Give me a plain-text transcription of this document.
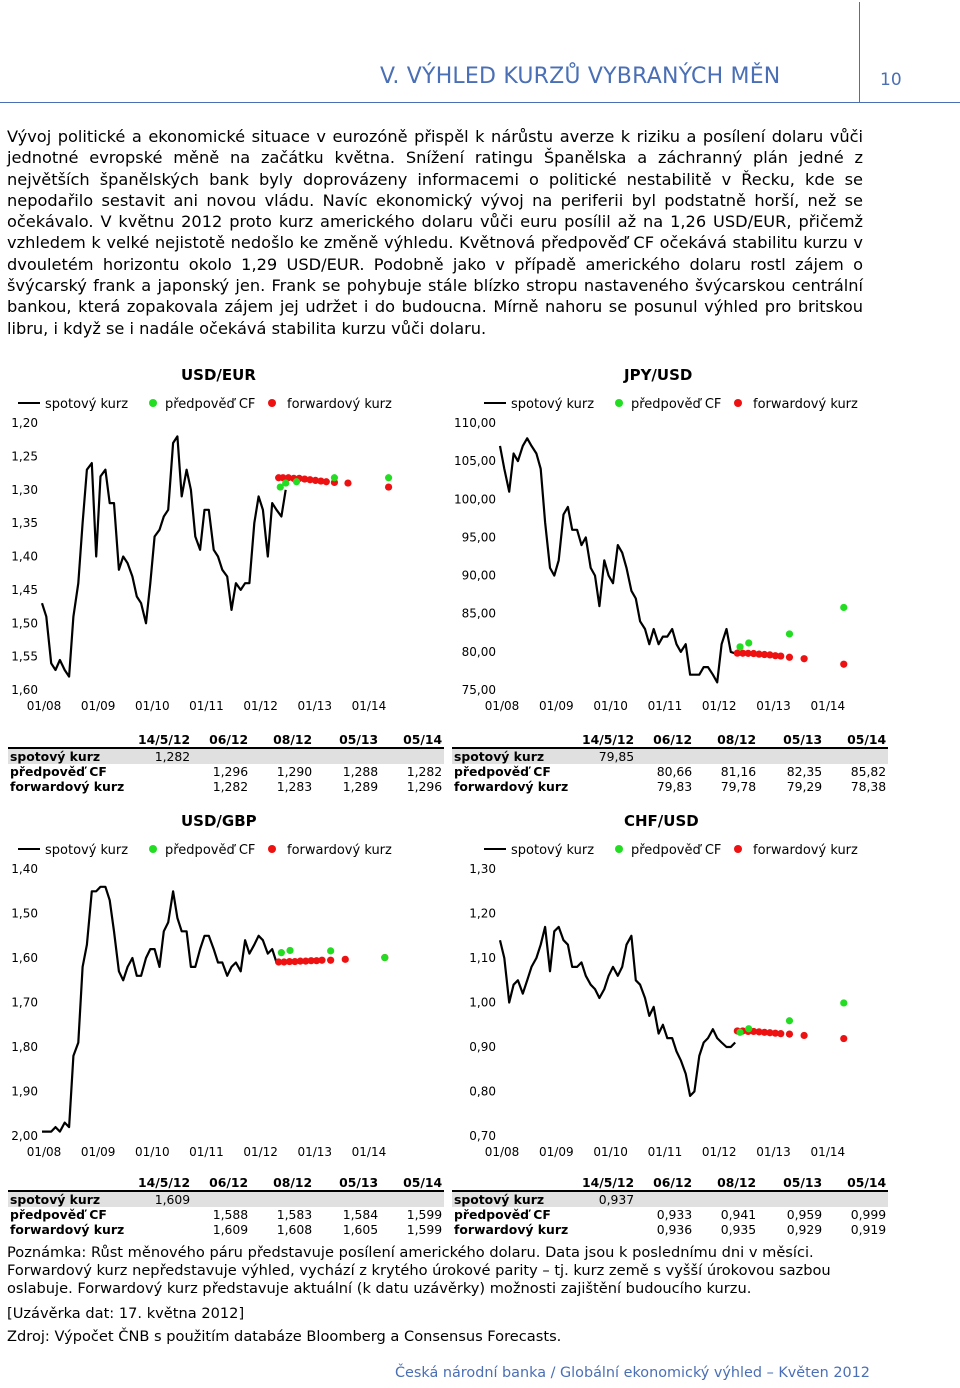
V. VÝHLED KURZŮ VYBRANÝCH MĚN	10
Vývoj politické a ekonomické situace v eurozóně přispěl k nárůstu averze k riziku a posílení dolaru vůči jednotné evropské měně na začátku května. Snížení ratingu Španělska a záchranný plán jedné z největších španělských bank byly doprovázeny informacemi o politické nestabilitě v Řecku, kde se nepodařilo sestavit ani novou vládu. Navíc ekonomický vývoj na periferii byl podstatně horší, než se očekávalo. V květnu 2012 proto kurz amerického dolaru vůči euru posílil až na 1,26 USD/EUR, přičemž vzhledem k velké nejistotě nedošlo ke změně výhledu. Květnová předpověď CF očekává stabilitu kurzu v dvouletém horizontu okolo 1,29 USD/EUR. Podobně jako v případě amerického dolaru rostl zájem o švýcarský frank a japonský jen. Frank se pohybuje stále blízko stropu nastaveného švýcarskou centrální bankou, která zopakovala zájem jej udržet i do budoucna. Mírně nahoru se posunul výhled pro britskou libru, i když se i nadále očekává stabilita kurzu vůči dolaru.
USD/EUR
spotový kurz	předpověď CF forwardový kurz
1,20
1,25
1,30
1,35
1,40
1,45
1,50
1,55
1,60
01/08 01/09 01/10 01/11 01/12 01/13 01/14
JPY/USD
spotový kurz	předpověď CF forwardový kurz
110,00
105,00
100,00
95,00
90,00
85,00
80,00
75,00
01/08 01/09 01/10 01/11 01/12 01/13 01/14
USD/GBP
spotový kurz	předpověď CF forwardový kurz
1,40
1,50
1,60
1,70
1,80
1,90
2,00
01/08 01/09 01/10 01/11 01/12 01/13 01/14
CHF/USD
spotový kurz	předpověď CF forwardový kurz
1,30
1,20
1,10
1,00
0,90
0,80
0,70
01/08 01/09 01/10 01/11 01/12 01/13 01/14
Poznámka: Růst měnového páru představuje posílení amerického dolaru. Data jsou k poslednímu dni v měsíci. Forwardový kurz nepředstavuje výhled, vychází z krytého úrokové parity – tj. kurz země s vyšší úrokovou sazbou oslabuje. Forwardový kurz představuje aktuální (k datu uzávěrky) možnosti zajištění budoucího kurzu.
[Uzávěrka dat: 17. května 2012]
Zdroj: Výpočet ČNB s použitím databáze Bloomberg a Consensus Forecasts.
Česká národní banka / Globální ekonomický výhled – Květen 2012
	14/5/12	06/12	08/12	05/13	05/14
spotový kurz	1,282				
předpověď CF		1,296	1,290	1,288	1,282
forwardový kurz		1,282	1,283	1,289	1,296
	14/5/12	06/12	08/12	05/13	05/14
spotový kurz	79,85				
předpověď CF		80,66	81,16	82,35	85,82
forwardový kurz		79,83	79,78	79,29	78,38
	14/5/12	06/12	08/12	05/13	05/14
spotový kurz	1,609				
předpověď CF		1,588	1,583	1,584	1,599
forwardový kurz		1,609	1,608	1,605	1,599
	14/5/12	06/12	08/12	05/13	05/14
spotový kurz	0,937				
předpověď CF		0,933	0,941	0,959	0,999
forwardový kurz		0,936	0,935	0,929	0,919
